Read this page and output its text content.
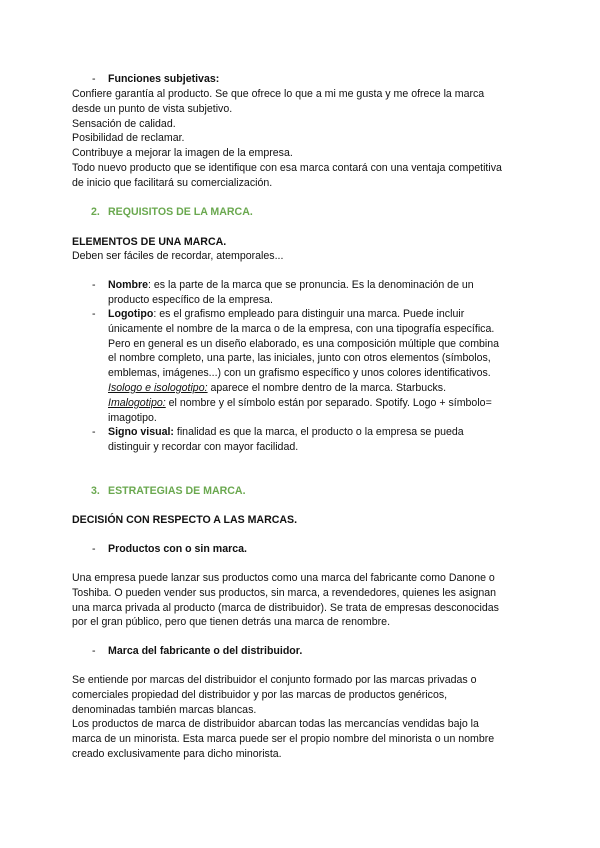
- Funciones subjetivas:

Confiere garantía al producto. Se que ofrece lo que a mi me gusta y me ofrece la marca

desde un punto de vista subjetivo.

Sensación de calidad.

Posibilidad de reclamar.

Contribuye a mejorar la imagen de la empresa.

Todo nuevo producto que se identifique con esa marca contará con una ventaja competitiva

de inicio que facilitará su comercialización.

2. REQUISITOS DE LA MARCA.
ELEMENTOS DE UNA MARCA.
Deben ser fáciles de recordar, atemporales...
- Nombre: es la parte de la marca que se pronuncia. Es la denominación de un

producto específico de la empresa.

- Logotipo: es el grafismo empleado para distinguir una marca. Puede incluir

únicamente el nombre de la marca o de la empresa, con una tipografía específica.

Pero en general es un diseño elaborado, es una composición múltiple que combina

el nombre completo, una parte, las iniciales, junto con otros elementos (símbolos,

emblemas, imágenes...) con un grafismo específico y unos colores identificativos.

Isologo e isologotipo: aparece el nombre dentro de la marca. Starbucks.

Imalogotipo: el nombre y el símbolo están por separado. Spotify. Logo + símbolo=

imagotipo.

- Signo visual: finalidad es que la marca, el producto o la empresa se pueda

distinguir y recordar con mayor facilidad.

3. ESTRATEGIAS DE MARCA.
DECISIÓN CON RESPECTO A LAS MARCAS.
- Productos con o sin marca.

Una empresa puede lanzar sus productos como una marca del fabricante como Danone o

Toshiba. O pueden vender sus productos, sin marca, a revendedores, quienes les asignan

una marca privada al producto (marca de distribuidor). Se trata de empresas desconocidas

por el gran público, pero que tienen detrás una marca de renombre.

- Marca del fabricante o del distribuidor.

Se entiende por marcas del distribuidor el conjunto formado por las marcas privadas o

comerciales propiedad del distribuidor y por las marcas de productos genéricos,

denominadas también marcas blancas.

Los productos de marca de distribuidor abarcan todas las mercancías vendidas bajo la

marca de un minorista. Esta marca puede ser el propio nombre del minorista o un nombre

creado exclusivamente para dicho minorista.
